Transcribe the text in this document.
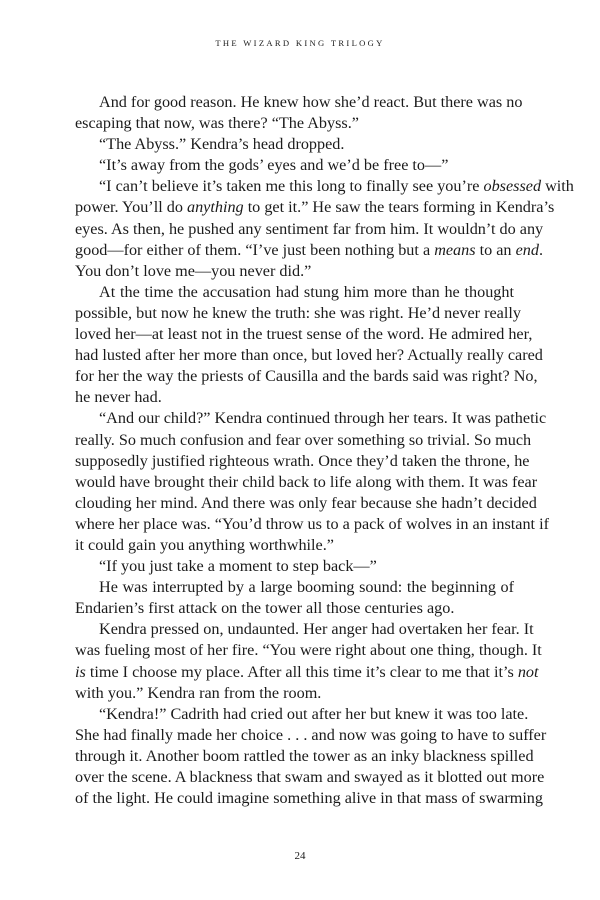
THE WIZARD KING TRILOGY
And for good reason. He knew how she’d react. But there was no
escaping that now, was there? “The Abyss.”
“The Abyss.” Kendra’s head dropped.
“It’s away from the gods’ eyes and we’d be free to—”
“I can’t believe it’s taken me this long to finally see you’re obsessed with
power. You’ll do anything to get it.” He saw the tears forming in Kendra’s
eyes. As then, he pushed any sentiment far from him. It wouldn’t do any
good—for either of them. “I’ve just been nothing but a means to an end.
You don’t love me—you never did.”
At the time the accusation had stung him more than he thought
possible, but now he knew the truth: she was right. He’d never really
loved her—at least not in the truest sense of the word. He admired her,
had lusted after her more than once, but loved her? Actually really cared
for her the way the priests of Causilla and the bards said was right? No,
he never had.
“And our child?” Kendra continued through her tears. It was pathetic
really. So much confusion and fear over something so trivial. So much
supposedly justified righteous wrath. Once they’d taken the throne, he
would have brought their child back to life along with them. It was fear
clouding her mind. And there was only fear because she hadn’t decided
where her place was. “You’d throw us to a pack of wolves in an instant if
it could gain you anything worthwhile.”
“If you just take a moment to step back—”
He was interrupted by a large booming sound: the beginning of
Endarien’s first attack on the tower all those centuries ago.
Kendra pressed on, undaunted. Her anger had overtaken her fear. It
was fueling most of her fire. “You were right about one thing, though. It
is time I choose my place. After all this time it’s clear to me that it’s not
with you.” Kendra ran from the room.
“Kendra!” Cadrith had cried out after her but knew it was too late.
She had finally made her choice . . . and now was going to have to suffer
through it. Another boom rattled the tower as an inky blackness spilled
over the scene. A blackness that swam and swayed as it blotted out more
of the light. He could imagine something alive in that mass of swarming
24
